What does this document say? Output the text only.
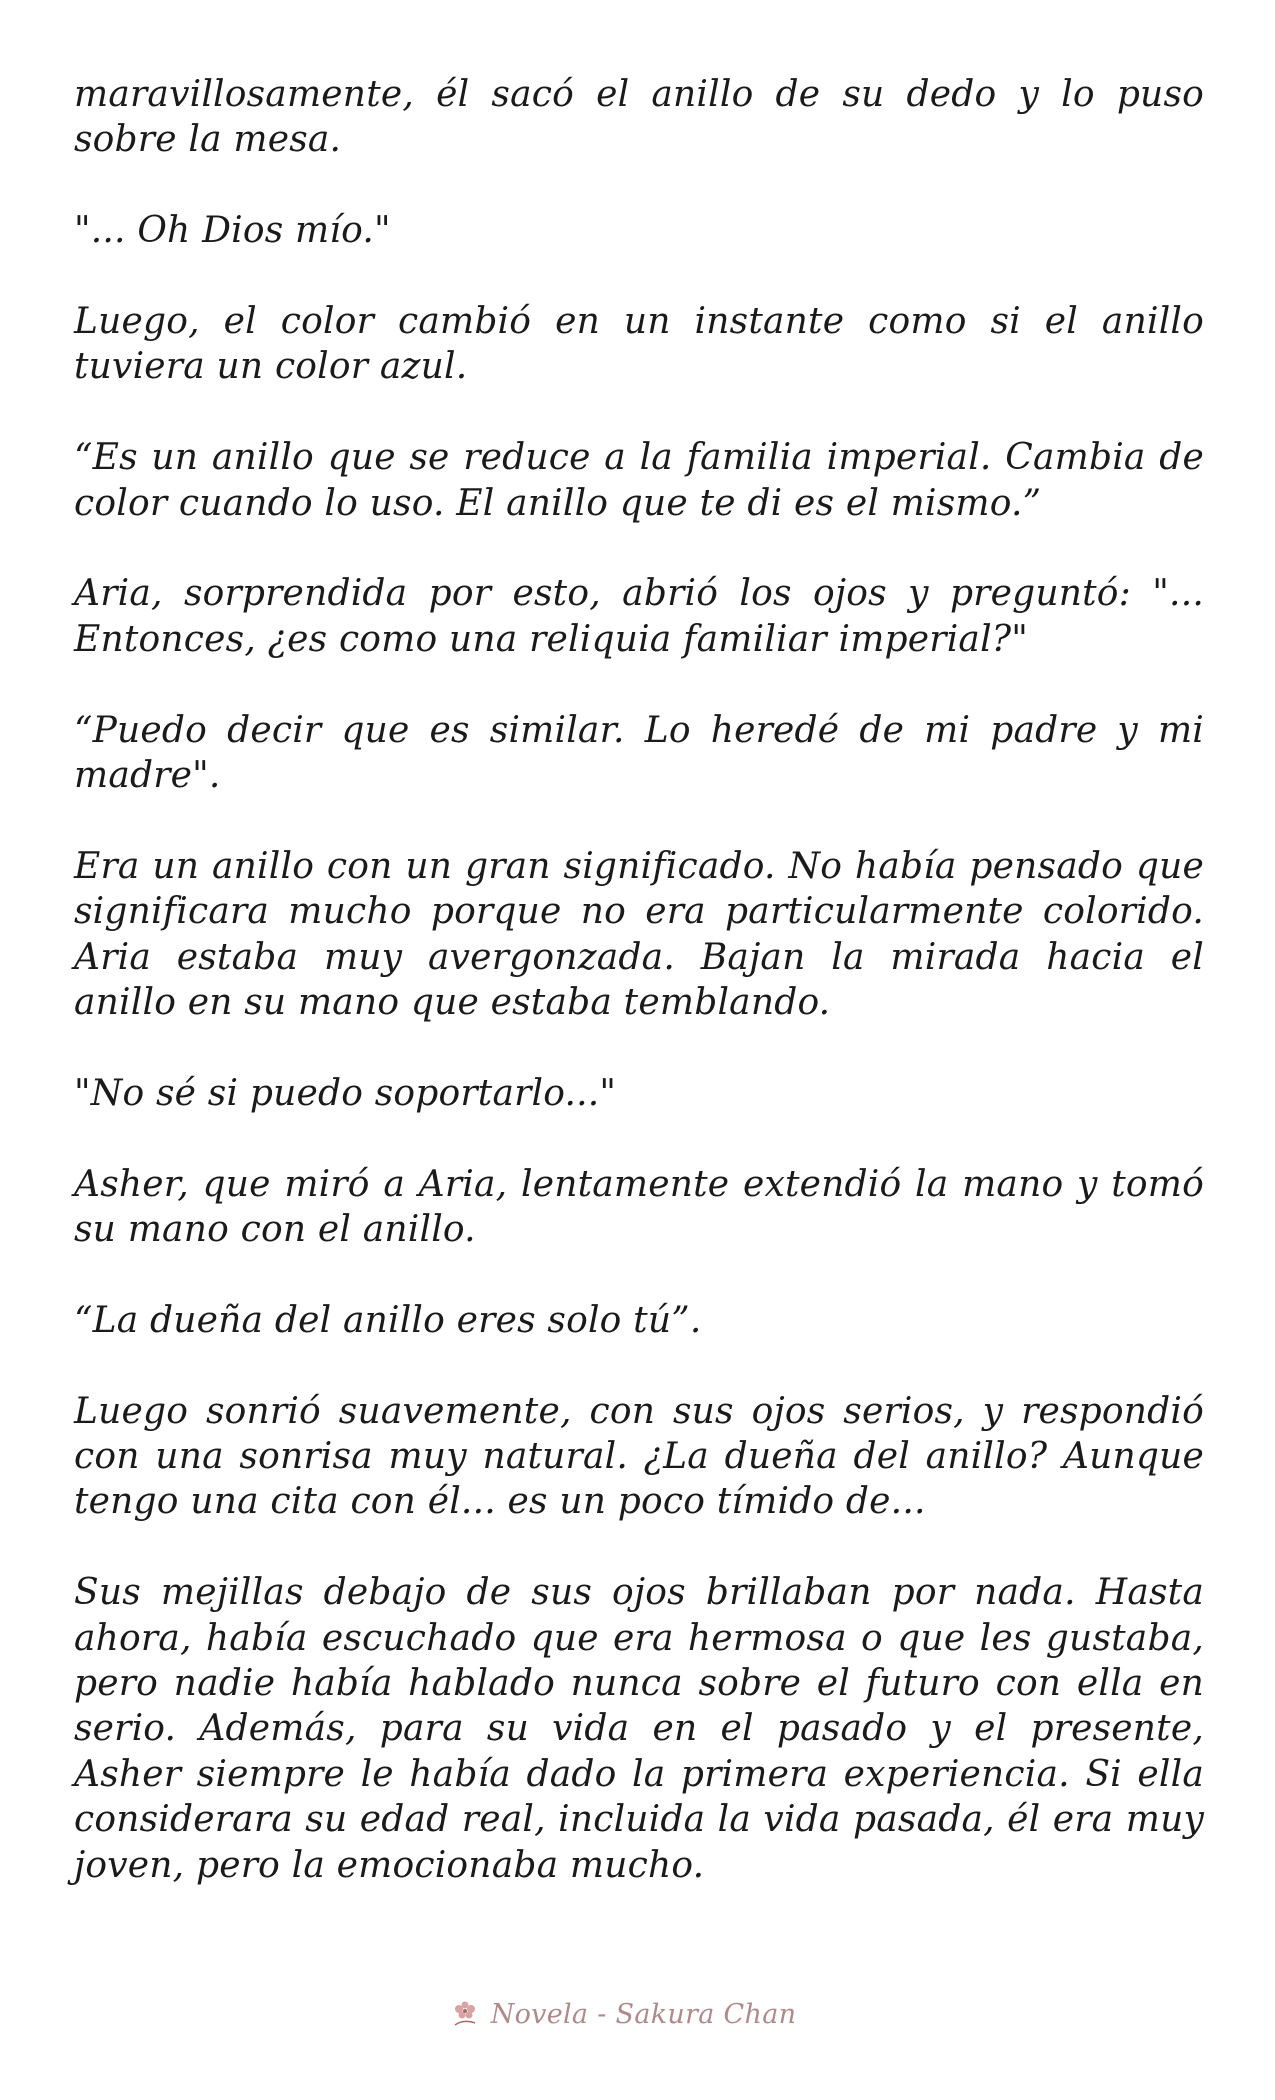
maravillosamente, él sacó el anillo de su dedo y lo puso sobre la mesa.

"... Oh Dios mío."

Luego, el color cambió en un instante como si el anillo tuviera un color azul.

“Es un anillo que se reduce a la familia imperial. Cambia de color cuando lo uso. El anillo que te di es el mismo.”

Aria, sorprendida por esto, abrió los ojos y preguntó: "... Entonces, ¿es como una reliquia familiar imperial?"

“Puedo decir que es similar. Lo heredé de mi padre y mi madre".

Era un anillo con un gran significado. No había pensado que significara mucho porque no era particularmente colorido. Aria estaba muy avergonzada. Bajan la mirada hacia el anillo en su mano que estaba temblando.

"No sé si puedo soportarlo..."

Asher, que miró a Aria, lentamente extendió la mano y tomó su mano con el anillo.

“La dueña del anillo eres solo tú”.

Luego sonrió suavemente, con sus ojos serios, y respondió con una sonrisa muy natural. ¿La dueña del anillo? Aunque tengo una cita con él... es un poco tímido de...

Sus mejillas debajo de sus ojos brillaban por nada. Hasta ahora, había escuchado que era hermosa o que les gustaba, pero nadie había hablado nunca sobre el futuro con ella en serio. Además, para su vida en el pasado y el presente, Asher siempre le había dado la primera experiencia. Si ella considerara su edad real, incluida la vida pasada, él era muy joven, pero la emocionaba mucho.

Novela - Sakura Chan
